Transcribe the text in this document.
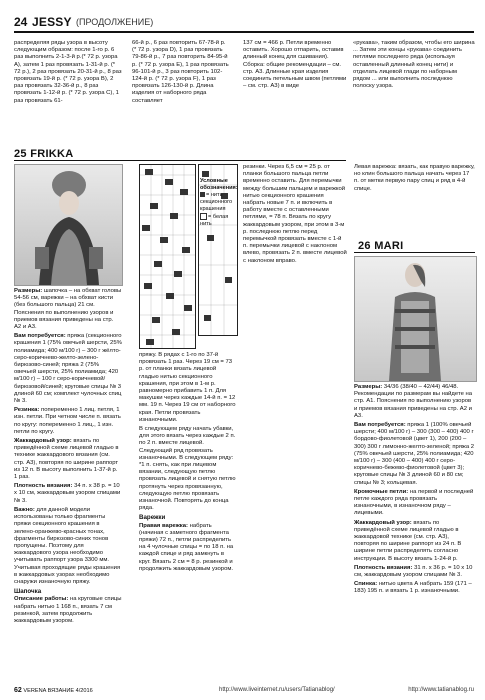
24 JESSY (ПРОДОЛЖЕНИЕ)
распределяя ряды узора в высоту следующим образом: после 1-го р. 6 раз выполнить 2-1-3-й р.(* 72 р. узора А), затем 1 раз провязать 1-31-й р. (* 72 р.), 2 раз провязать 20-31-й р., 8 раз провязать 19-й р. (* 72 р. узора В), 2 раз провязать 32-36-й р., 8 раз провязать 1-12-й р. (* 72 р. узора С), 1 раз провязать 61-
66-й р., 6 раз повторить 67-78-й р. (* 72 р. узора D), 1 раз провязать 79-86-й р., 7 раз повторить 84-95-й р. (* 72 р. узора E), 1 раз провязать 96-101-й р., 3 раз повторить 102-124-й р. (* 72 р. узора F), 1 раз провязать 126-130-й р. Длина изделия от наборного ряда составляет
137 см = 466 р. Петли временно оставить. Хорошо отпарить, оставив длинный конец для сшивания). Сборка: общие рекомендации – см. стр. А3. Длинные края изделия соединить петельным швом (петлями – см. стр. А3) в виде
«рукава», таким образом, чтобы его ширина ... Затем эти концы «рукава» соединить петлями последнего ряда (используя оставленный длинный конец нити) и отделать лицевой глади по наборным рядом ... или выполнить последнюю полоску узора.
25 FRIKKA
Условные обозначения:
= нить секционного крашения
= белая нить

Размеры: шапочка – на обхват головы 54-56 см, варежки – на обхват кисти (без большого пальца) 21 см. Пояснения по выполнению узоров и приемов вязания приведены на стр. А2 и А3.

Вам потребуется: пряжа (секционного крашения 1 (75% овечьей шерсти, 25% полиамида; 400 м/100 г) – 300 г жёлто-серо-коричнево-желто-зелено-бирюзово-синей; пряжа 2 (75% овечьей шерсти, 25% полиамида; 420 м/100 г) – 100 г серо-коричневой/бирюзовой/синей; круговые спицы № 3 длиной 60 см; комплект чулочных спиц № 3.

Резинка: попеременно 1 лиц. петля, 1 изн. петли. При четном числе п. вязать по кругу: попеременно 1 лиц., 1 изн. петли по кругу.

Жаккардовый узор: вязать по приведённой схеме лицевой гладью в технике жаккардового вязания (см. стр. А3), повторяя по ширине раппорт из 12 п. В высоту выполнить 1-37-й р. 1 раз.

Плотность вязания: 34 п. х 38 р. = 10 х 10 см, жаккардовым узором спицами № 3.

Важно: для данной модели использованы только фрагменты пряжи секционного крашения в зелено-оранжево-красных тонах, фрагменты бирюзово-синих тонов пропущены. Поэтому для жаккардового узора необходимо учитывать раппорт узора 3300 мм. Учитывая проходящие ряды крашения в жаккардовых узорах необходимо снаружи изнаночную пряжу.

Шапочка

Описание работы: на круговые спицы набрать нитью 1 168 п., вязать 7 см резинкой, затем продолжить жаккардовым узором.

пряжу. В рядах с 1-го по 37-й провязать 1 раз. Через 19 см = 73 р. от планки вязать лицевой гладью нитью секционного крашения, при этом в 1-м р. равномерно прибавить 1 п. Для макушки через каждые 14-й п. = 12 мм. 19 п. Через 19 см от наборного края. Петли провязать изнаночными.

В следующем ряду начать убавки, для этого вязать через каждые 2 п. по 2 п. вместе лицевой. Следующий ряд провязать изнаночными. В следующем ряду: *1 п. снять, как при лицевом вязании, следующую петлю провязать лицевой и снятую петлю протянуть через провязанную, следующую петлю провязать изнаночной. Повторять до конца ряда.

Варежки

Правая варежка: набрать (начиная с заметного фрагмента пряжи) 72 п., петли распределить на 4 чулочные спицы = по 18 п. на каждой спице и ряд замкнуть в круг. Вязать 2 см = 8 р. резинкой и продолжить жаккардовым узором.

резинки. Через 6,5 см = 25 р. от планки большого пальца петли временно оставить. Для перемычки между большим пальцем и варежкой нитью секционного крашения набрать новые 7 п. и включить в работу вместе с оставленными петлями, = 78 п. Вязать по кругу жаккардовым узором, при этом в 3-м р. последнюю петлю перед перемычкой провязать вместе с 1-й п. перемычки лицевой с наклоном влево, провязать 2 п. вместе лицевой с наклоном вправо.
Левая варежка: вязать, как правую варежку, но клин большого пальца начать через 17 п. от метки первую пару спиц и ряд в 4-й спице.
26 MARI

Размеры: 34/36 (38/40 – 42/44) 46/48. Рекомендации по размерам вы найдете на стр. А1. Пояснения по выполнению узоров и приемов вязания приведены на стр. А2 и А3.

Вам потребуется: пряжа 1 (100% овечьей шерсти; 400 м/100 г) – 300 (300 – 400) 400 г бордово-фиолетовой (цвет 1), 200 (200 – 300) 300 г лимонно-желто-зеленой; пряжа 2 (75% овечьей шерсти, 25% полиамида; 420 м/100 г) – 300 (400 – 400) 400 г серо-коричнево-бежево-фиолетовой (цвет 3); круговые спицы № 3 длиной 60 и 80 см; спицы № 3; кольцевая.

Кромочные петли: на первой и последней петле каждого ряда провязать изнаночными, в изнаночном ряду – лицевыми.

Жаккардовый узор: вязать по приведённой схеме лицевой гладью в жаккардовой технике (см. стр. А3), повторяя по ширине раппорт из 24 п. В ширине петли распределять согласно инструкции. В высоту вязать 1-24-й р.

Плотность вязания: 31 п. х 36 р. = 10 х 10 см, жаккардовым узором спицами № 3.

Спинка: нитью цвета А набрать 159 (171 – 183) 195 п. и вязать 1 р. изнаночными.

62 VERENA ВЯЗАНИЕ 4/2016	http://www.liveinternet.ru/users/Tatianablog/	http://www.tatianablog.ru
